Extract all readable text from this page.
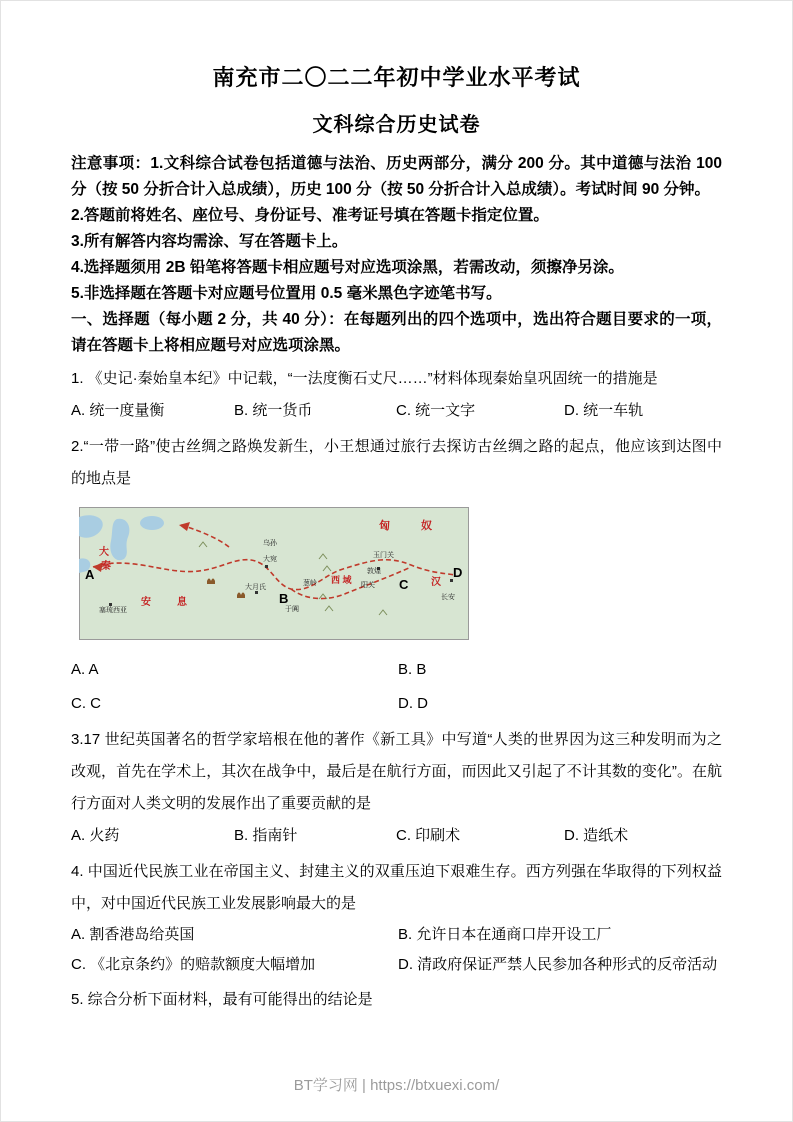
南充市二〇二二年初中学业水平考试
文科综合历史试卷

注意事项：1.文科综合试卷包括道德与法治、历史两部分，满分 200 分。其中道德与法治 100 分（按 50 分折合计入总成绩），历史 100 分（按 50 分折合计入总成绩）。考试时间 90 分钟。

2.答题前将姓名、座位号、身份证号、准考证号填在答题卡指定位置。

3.所有解答内容均需涂、写在答题卡上。

4.选择题须用 2B 铅笔将答题卡相应题号对应选项涂黑，若需改动，须擦净另涂。

5.非选择题在答题卡对应题号位置用 0.5 毫米黑色字迹笔书写。

一、选择题（每小题 2 分，共 40 分）：在每题列出的四个选项中，选出符合题目要求的一项，请在答题卡上将相应题号对应选项涂黑。

1. 《史记·秦始皇本纪》中记载，“一法度衡石丈尺……”材料体现秦始皇巩固统一的措施是

A. 统一度量衡	B. 统一货币	C. 统一文字	D. 统一车轨

2.“一带一路”使古丝绸之路焕发新生，小王想通过旅行去探访古丝绸之路的起点，他应该到达图中的地点是

匈　奴
大
秦
安　息
西 域	汉
乌孙
大宛
大月氏
于阗
葱岭
玉门关
敦煌
阳关
长安
塞琉西亚
A
B
C
D
A. A	B. B
C. C	D. D

3.17 世纪英国著名的哲学家培根在他的著作《新工具》中写道“人类的世界因为这三种发明而为之改观，首先在学术上，其次在战争中，最后是在航行方面，而因此又引起了不计其数的变化”。在航行方面对人类文明的发展作出了重要贡献的是

A. 火药	B. 指南针	C. 印刷术	D. 造纸术

4. 中国近代民族工业在帝国主义、封建主义的双重压迫下艰难生存。西方列强在华取得的下列权益中，对中国近代民族工业发展影响最大的是

A. 割香港岛给英国	B. 允许日本在通商口岸开设工厂
C. 《北京条约》的赔款额度大幅增加	D. 清政府保证严禁人民参加各种形式的反帝活动

5. 综合分析下面材料，最有可能得出的结论是

BT学习网 | https://btxuexi.com/
